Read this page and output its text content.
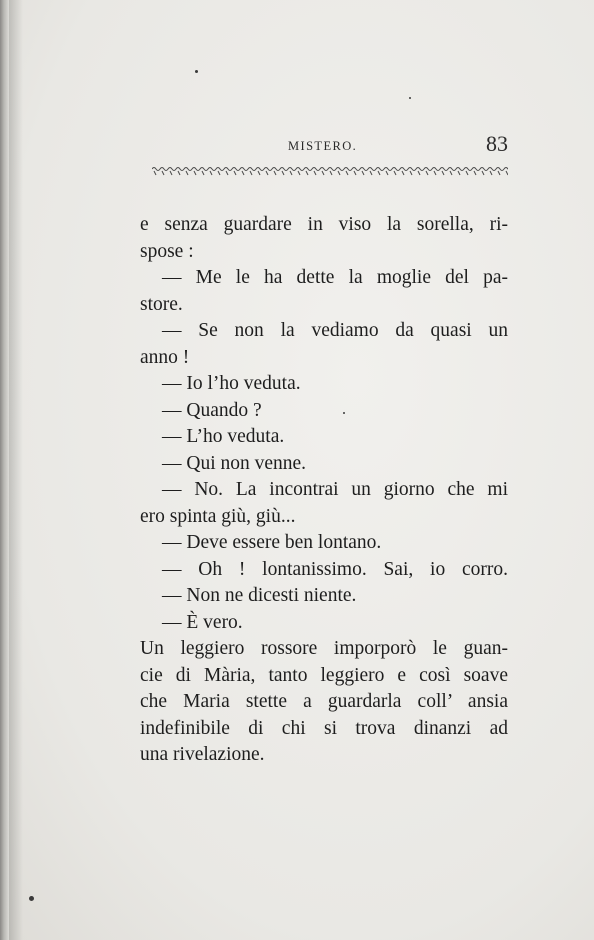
MISTERO.	83
e senza guardare in viso la sorella, ri-
spose :
— Me le ha dette la moglie del pa-
store.
— Se non la vediamo da quasi un
anno !
— Io l’ho veduta.
— Quando ?
— L’ho veduta.
— Qui non venne.
— No. La incontrai un giorno che mi
ero spinta giù, giù...
— Deve essere ben lontano.
— Oh ! lontanissimo. Sai, io corro.
— Non ne dicesti niente.
— È vero.
Un leggiero rossore imporporò le guan-
cie di Mària, tanto leggiero e così soave
che Maria stette a guardarla coll’ ansia
indefinibile di chi si trova dinanzi ad
una rivelazione.
